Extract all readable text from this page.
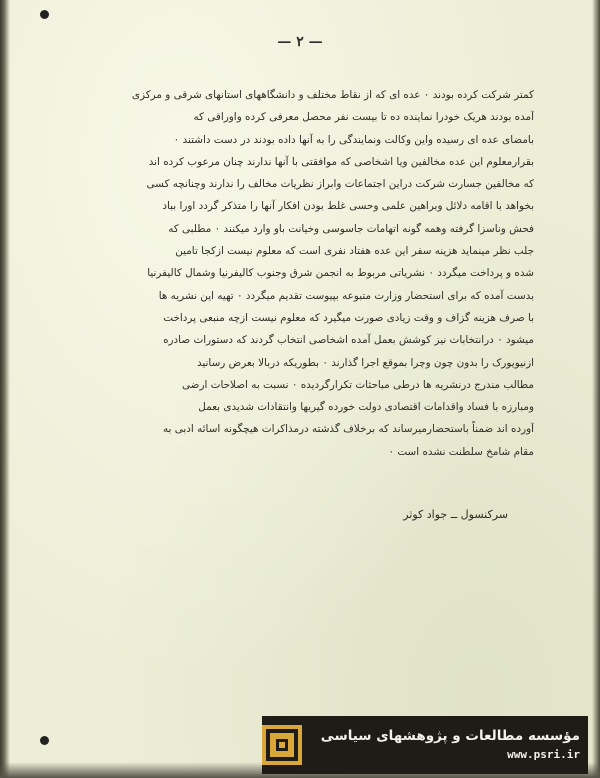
— ٢ —
کمتر شرکت کرده بودند ۰ عده ای که از نقاط مختلف و دانشگاههای استانهای شرقی و مرکزی
آمده بودند هریک خودرا نماینده ده تا بیست نفر محصل معرفی کرده واوراقی که
بامضای عده ای رسیده واین وکالت ونمایندگی را به آنها داده بودند در دست داشتند ۰
بقرارمعلوم این عده مخالفین ویا اشخاصی که موافقتی با آنها ندارند چنان مرعوب کرده اند
که مخالفین جسارت شرکت دراین اجتماعات وابراز نظریات مخالف را ندارند وچنانچه کسی
بخواهد با اقامه دلائل وبراهین علمی وحسی غلط بودن افکار آنها را متذکر گردد اورا بباد
فحش وناسزا گرفته وهمه گونه اتهامات جاسوسی وخیانت باو وارد میکنند ۰ مطلبی که
جلب نظر مینماید هزینه سفر این عده هفتاد نفری است که معلوم نیست ازکجا تامین
شده و پرداخت میگردد ۰ نشریاتی مربوط به انجمن شرق وجنوب کالیفرنیا وشمال کالیفرنیا
بدست آمده که برای استحضار وزارت متبوعه بپیوست تقدیم میگردد ۰ تهیه این نشریه ها
با صرف هزینه گزاف و وقت زیادی صورت میگیرد که معلوم نیست ازچه منبعی پرداخت
میشود ۰ درانتخابات نیز کوشش بعمل آمده اشخاصی انتخاب گردند که دستورات صادره
ازنیویورک را بدون چون وچرا بموقع اجرا گذارند ۰ بطوریکه دربالا بعرض رسانید
مطالب مندرج درنشریه ها درطی مباحثات تکرارگردیده ۰ نسبت به اصلاحات ارضی
ومبارزه با فساد واقدامات اقتصادی دولت خورده گیریها وانتقادات شدیدی بعمل
آورده اند ضمناً باستحضارمیرساند که برخلاف گذشته درمذاکرات هیچگونه اسائه ادبی به
مقام شامخ سلطنت نشده است ۰
سرکنسول ــ جواد کوثر
مؤسسه مطالعات و پژوهشهای سیاسی
www.psri.ir
